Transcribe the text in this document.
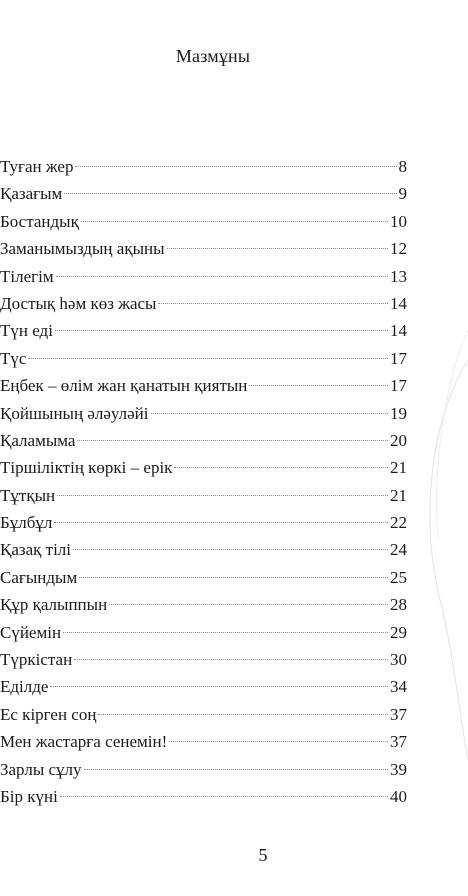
Мазмұны
Туған жер	8
Қазағым	9
Бостандық	10
Заманымыздың ақыны	12
Тілегім	13
Достық һәм көз жасы	14
Түн еді	14
Түс	17
Еңбек – өлім жан қанатын қиятын	17
Қойшының әләуләйі	19
Қаламыма	20
Тіршіліктің көркі – ерік	21
Тұтқын	21
Бұлбұл	22
Қазақ тілі	24
Сағындым	25
Құр қалыппын	28
Сүйемін	29
Түркістан	30
Еділде	34
Ес кірген соң	37
Мен жастарға сенемін!	37
Зарлы сұлу	39
Бір күні	40
5
